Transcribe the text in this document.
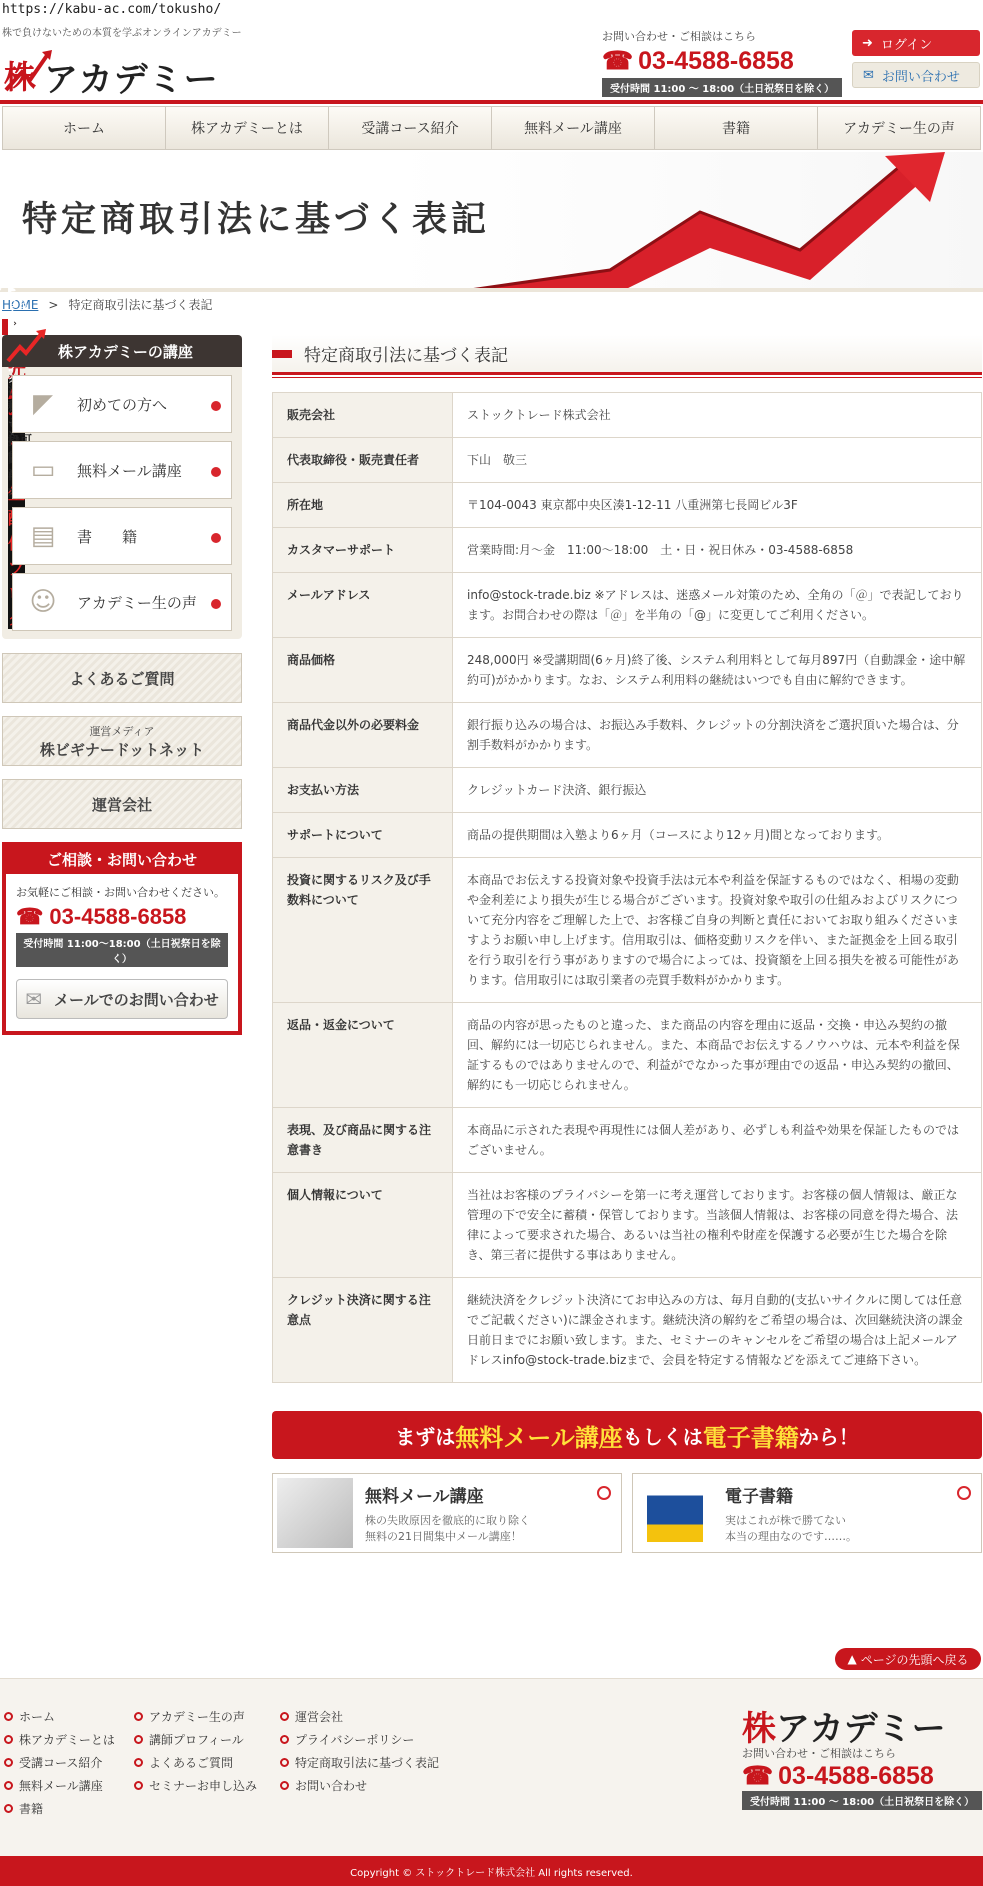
https://kabu-ac.com/tokusho/
株で負けないための本質を学ぶオンラインアカデミー
株 アカデミー
お問い合わせ・ご相談はこちら
☎ 03-4588-6858
受付時間 11:00 ～ 18:00（土日祝祭日を除く）
➜ ログイン
✉ お問い合わせ
ホーム	株アカデミーとは	受講コース紹介	無料メール講座	書籍	アカデミー生の声
特定商取引法に基づく表記
HOME > 特定商取引法に基づく表記
株アカデミーの講座
◤	初めての方へ
▭	無料メール講座
▤	書　　籍
☺ アカデミー生の声
よくあるご質問
運営メディア
株ビギナードットネット
運営会社
ご相談・お問い合わせ
お気軽にご相談・お問い合わせください。
☎ 03-4588-6858
受付時間 11:00～18:00（土日祝祭日を除く）
✉ メールでのお問い合わせ
特定商取引法に基づく表記
販売会社	ストックトレード株式会社
代表取締役・販売責任者	下山　敬三
所在地	〒104-0043 東京都中央区湊1-12-11 八重洲第七長岡ビル3F
カスタマーサポート	営業時間:月～金　11:00～18:00　土・日・祝日休み・03-4588-6858
メールアドレス	info@stock-trade.biz ※アドレスは、迷惑メール対策のため、全角の「＠」で表記しております。お問合わせの際は「＠」を半角の「@」に変更してご利用ください。
商品価格	248,000円 ※受講期間(6ヶ月)終了後、システム利用料として毎月897円（自動課金・途中解約可)がかかります。なお、システム利用料の継続はいつでも自由に解約できます。
商品代金以外の必要料金	銀行振り込みの場合は、お振込み手数料、クレジットの分割決済をご選択頂いた場合は、分割手数料がかかります。
お支払い方法	クレジットカード決済、銀行振込
サポートについて	商品の提供期間は入塾より6ヶ月（コースにより12ヶ月)間となっております。
投資に関するリスク及び手数料について	本商品でお伝えする投資対象や投資手法は元本や利益を保証するものではなく、相場の変動や金利差により損失が生じる場合がございます。投資対象や取引の仕組みおよびリスクについて充分内容をご理解した上で、お客様ご自身の判断と責任においてお取り組みくださいますようお願い申し上げます。信用取引は、価格変動リスクを伴い、また証拠金を上回る取引を行う取引を行う事がありますので場合によっては、投資額を上回る損失を被る可能性があります。信用取引には取引業者の売買手数料がかかります。
返品・返金について	商品の内容が思ったものと違った、また商品の内容を理由に返品・交換・申込み契約の撤回、解約には一切応じられません。また、本商品でお伝えするノウハウは、元本や利益を保証するものではありませんので、利益がでなかった事が理由での返品・申込み契約の撤回、解約にも一切応じられません。
表現、及び商品に関する注意書き	本商品に示された表現や再現性には個人差があり、必ずしも利益や効果を保証したものではございません。
個人情報について	当社はお客様のプライバシーを第一に考え運営しております。お客様の個人情報は、厳正な管理の下で安全に蓄積・保管しております。当該個人情報は、お客様の同意を得た場合、法律によって要求された場合、あるいは当社の権利や財産を保護する必要が生じた場合を除き、第三者に提供する事はありません。
クレジット決済に関する注意点	継続決済をクレジット決済にてお申込みの方は、毎月自動的(支払いサイクルに関しては任意でご記載ください)に課金されます。継続決済の解約をご希望の場合は、次回継続決済の課金日前日までにお願い致します。また、セミナーのキャンセルをご希望の場合は上記メールアドレスinfo@stock-trade.bizまで、会員を特定する情報などを添えてご連絡下さい。
まずは 無料メール講座 もしくは 電子書籍 から！
無料メール講座
株の失敗原因を徹底的に取り除く
無料の21日間集中メール講座！
電子書籍
実はこれが株で勝てない
本当の理由なのです……。
▲ ページの先頭へ戻る
ホーム
株アカデミーとは
受講コース紹介
無料メール講座
書籍
アカデミー生の声
講師プロフィール
よくあるご質問
セミナーお申し込み
運営会社
プライバシーポリシー
特定商取引法に基づく表記
お問い合わせ
株アカデミー
お問い合わせ・ご相談はこちら
☎ 03-4588-6858
受付時間 11:00 ～ 18:00（土日祝祭日を除く）
Copyright © ストックトレード株式会社 All rights reserved.
